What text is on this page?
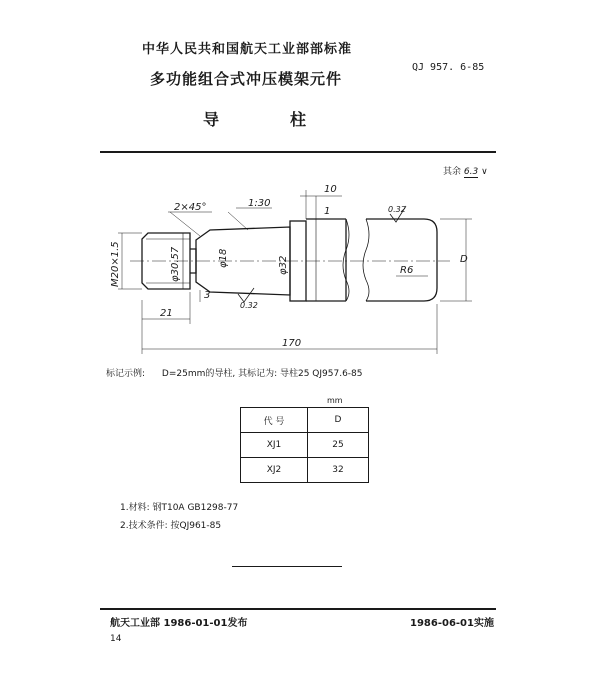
中华人民共和国航天工业部部标准
QJ 957. 6-85
多功能组合式冲压模架元件
导	柱
其余 6.3 ∨
2×45°	1:30
10
1
3
21
170
R6
D
0.32
0.32
M20×1.5	φ30.57	φ18	φ32
标记示例: D=25mm的导柱, 其标记为: 导柱25 QJ957.6-85
mm
代 号	D
XJ1	25
XJ2	32
1.材料: 钢T10A GB1298-77
2.技术条件: 按QJ961-85
航天工业部 1986-01-01发布	1986-06-01实施
14
